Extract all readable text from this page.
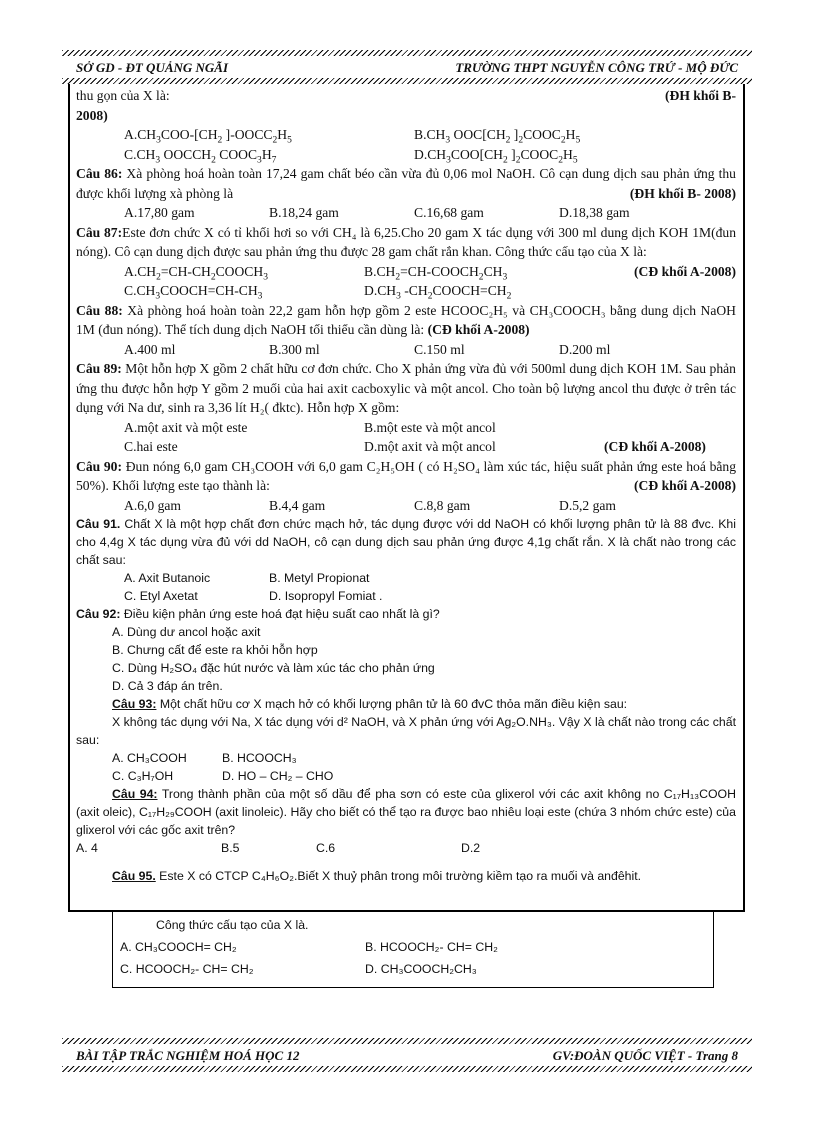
SỞ GD - ĐT QUẢNG NGÃI	TRƯỜNG THPT NGUYỄN CÔNG TRỨ - MỘ ĐỨC

thu gọn của X là:	(ĐH khối B-

2008)

$A.CH_3COO-[CH_2$ ]$-OOCC_2H_5$	$B.CH_3$ $OOC[CH_2$ ]$_2COOC_2H_5$
$C.CH_3$ $OOCCH_2$ $COOC_3H_7$	$D.CH_3COO[CH_2$ ]$_2COOC_2H_5$

Câu 86: Xà phòng hoá hoàn toàn 17,24 gam chất béo cần vừa đủ 0,06 mol NaOH. Cô cạn dung dịch sau phản ứng thu được khối lượng xà phòng là	(ĐH khối B- 2008)

A.17,80 gam	B.18,24 gam	C.16,68 gam	D.18,38 gam

Câu 87:Este đơn chức X có tỉ khối hơi so với CH₄ là 6,25.Cho 20 gam X tác dụng với 300 ml dung dịch KOH 1M(đun nóng). Cô cạn dung dịch được sau phản ứng thu được 28 gam chất rắn khan. Công thức cấu tạo của X là:
(CĐ khối A-2008)

$A.CH_2=CH-CH_2COOCH_3$	$B.CH_2=CH-COOCH_2CH_3$
$C.CH_3COOCH=CH-CH_3$	$D.CH_3$ $-CH_2COOCH=CH_2$

Câu 88: Xà phòng hoá hoàn toàn 22,2 gam hỗn hợp gồm 2 este HCOOC₂H₅ và CH₃COOCH₃ bằng dung dịch NaOH 1M (đun nóng). Thể tích dung dịch NaOH tối thiểu cần dùng là: (CĐ khối A-2008)

A.400 ml	B.300 ml	C.150 ml	D.200 ml

Câu 89: Một hỗn hợp X gồm 2 chất hữu cơ đơn chức. Cho X phản ứng vừa đủ với 500ml dung dịch KOH 1M. Sau phản ứng thu được hỗn hợp Y gồm 2 muối của hai axit cacboxylic và một ancol. Cho toàn bộ lượng ancol thu được ở trên tác dụng với Na dư, sinh ra 3,36 lít H₂( đktc). Hỗn hợp X gồm:

A.một axit và một este	B.một este và một ancol
C.hai este	D.một axit và một ancol	(CĐ khối A-2008)

Câu 90: Đun nóng 6,0 gam CH₃COOH với 6,0 gam C₂H₅OH ( có H₂SO₄ làm xúc tác, hiệu suất phản ứng este hoá bằng 50%). Khối lượng este tạo thành là:	(CĐ khối A-2008)

A.6,0 gam	B.4,4 gam	C.8,8 gam	D.5,2 gam

Câu 91. Chất X là một hợp chất đơn chức mạch hở, tác dụng được với dd NaOH có khối lượng phân tử là 88 đvc. Khi cho 4,4g X tác dụng vừa đủ với dd NaOH, cô cạn dung dịch sau phản ứng được 4,1g chất rắn. X là chất nào trong các chất sau:

A. Axit Butanoic	B. Metyl Propionat
C. Etyl Axetat	D. Isopropyl Fomiat .

Câu 92: Điều kiện phản ứng este hoá đạt hiệu suất cao nhất là gì?

A. Dùng dư ancol hoặc axit

B. Chưng cất để este ra khỏi hỗn hợp

C. Dùng H₂SO₄ đặc hút nước và làm xúc tác cho phản ứng

D. Cả 3 đáp án trên.

Câu 93: Một chất hữu cơ X mạch hở có khối lượng phân tử là 60 đvC thỏa mãn điều kiện sau:

X không tác dụng với Na, X tác dụng với d² NaOH, và X phản ứng với Ag₂O.NH₃. Vậy X là chất nào trong các chất sau:

A. CH₃COOH	B. HCOOCH₃
C. C₃H₇OH	D. HO – CH₂ – CHO

Câu 94: Trong thành phần của một số dầu để pha sơn có este của glixerol với các axit không no C₁₇H₁₃COOH (axit oleic), C₁₇H₂₉COOH (axit linoleic). Hãy cho biết có thể tạo ra được bao nhiêu loại este (chứa 3 nhóm chức este) của glixerol với các gốc axit trên?

A. 4	B.5	C.6	D.2

Câu 95. Este X có CTCP C₄H₆O₂.Biết X thuỷ phân trong môi trường kiềm tạo ra muối và anđêhit.

Công thức cấu tạo của X là.

A. CH₃COOCH= CH₂	B. HCOOCH₂- CH= CH₂
C. HCOOCH₂- CH= CH₂	D. CH₃COOCH₂CH₃
BÀI TẬP TRẮC NGHIỆM HOÁ HỌC 12	GV:ĐOÀN QUỐC VIỆT - Trang 8
